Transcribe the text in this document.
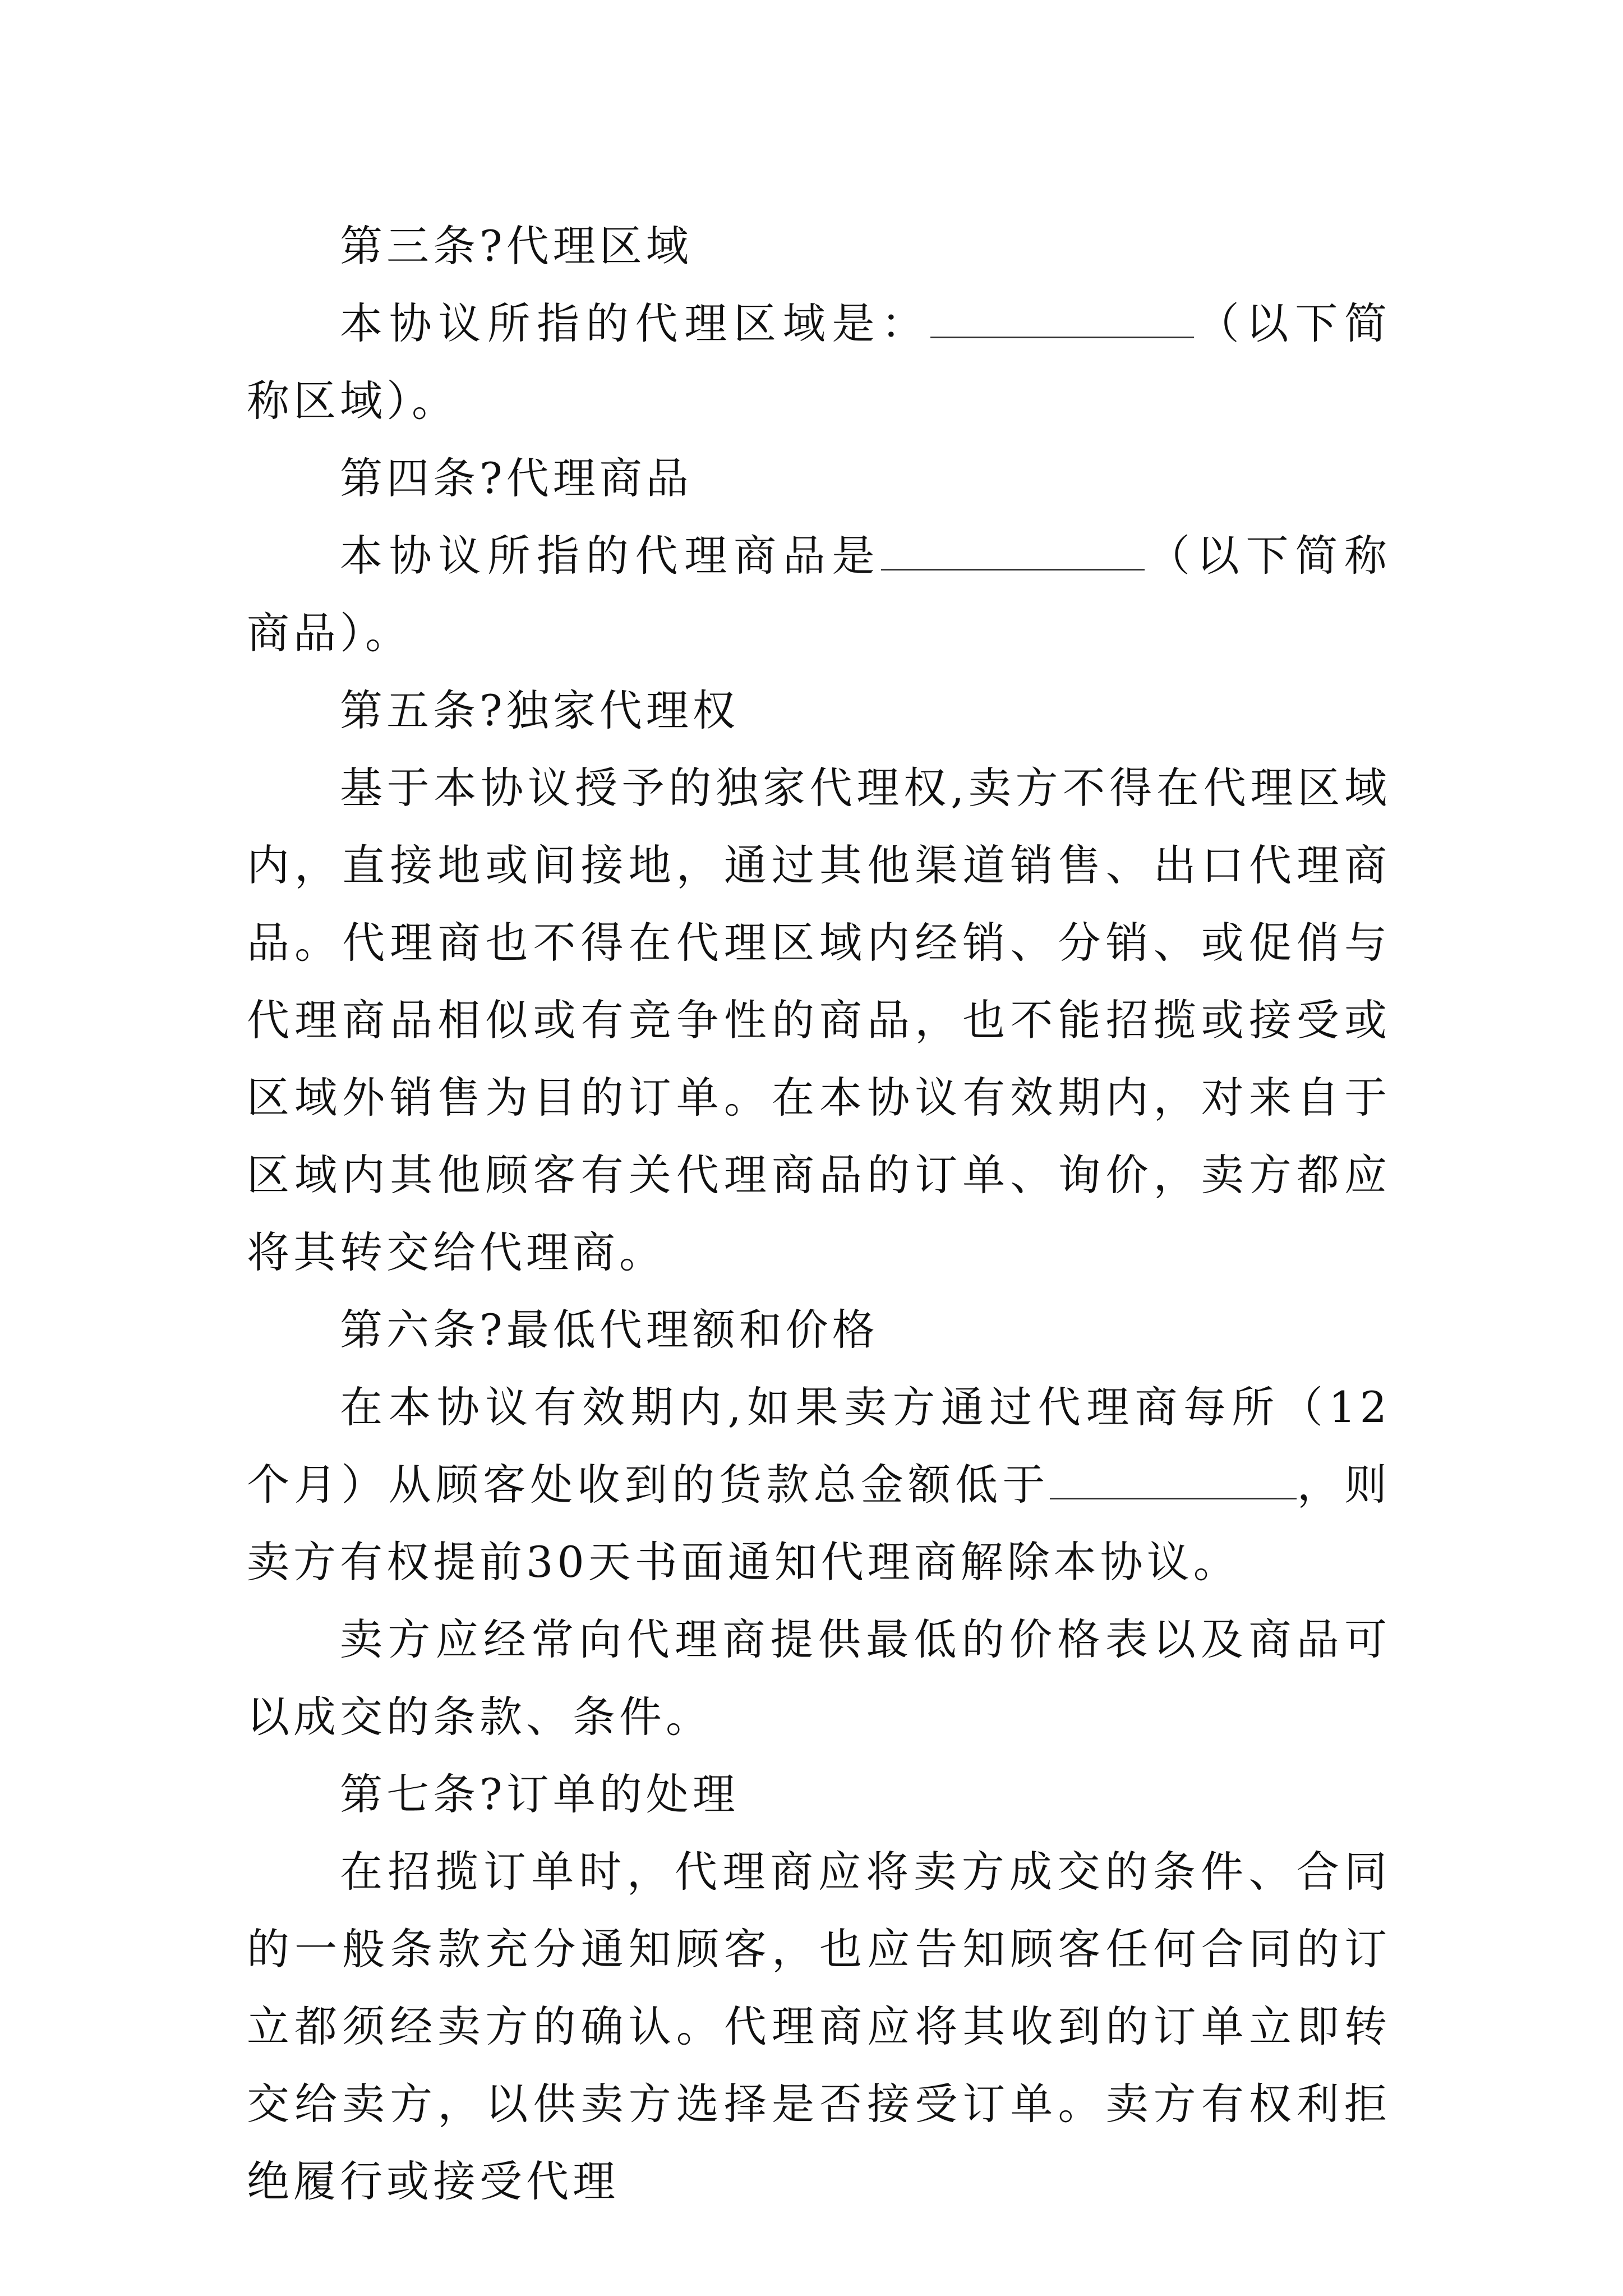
第三条?代理区域

本协议所指的代理区域是：	（以下简称区域）。

第四条?代理商品

本协议所指的代理商品是	（以下简称商品）。

第五条?独家代理权

基于本协议授予的独家代理权,卖方不得在代理区域内，直接地或间接地，通过其他渠道销售、出口代理商品。代理商也不得在代理区域内经销、分销、或促俏与代理商品相似或有竞争性的商品，也不能招揽或接受或区域外销售为目的订单。在本协议有效期内，对来自于区域内其他顾客有关代理商品的订单、询价，卖方都应将其转交给代理商。

第六条?最低代理额和价格

在本协议有效期内,如果卖方通过代理商每所（12个月）从顾客处收到的货款总金额低于	，则卖方有权提前30天书面通知代理商解除本协议。

卖方应经常向代理商提供最低的价格表以及商品可以成交的条款、条件。

第七条?订单的处理

在招揽订单时，代理商应将卖方成交的条件、合同的一般条款充分通知顾客，也应告知顾客任何合同的订立都须经卖方的确认。代理商应将其收到的订单立即转交给卖方，以供卖方选择是否接受订单。卖方有权利拒绝履行或接受代理
